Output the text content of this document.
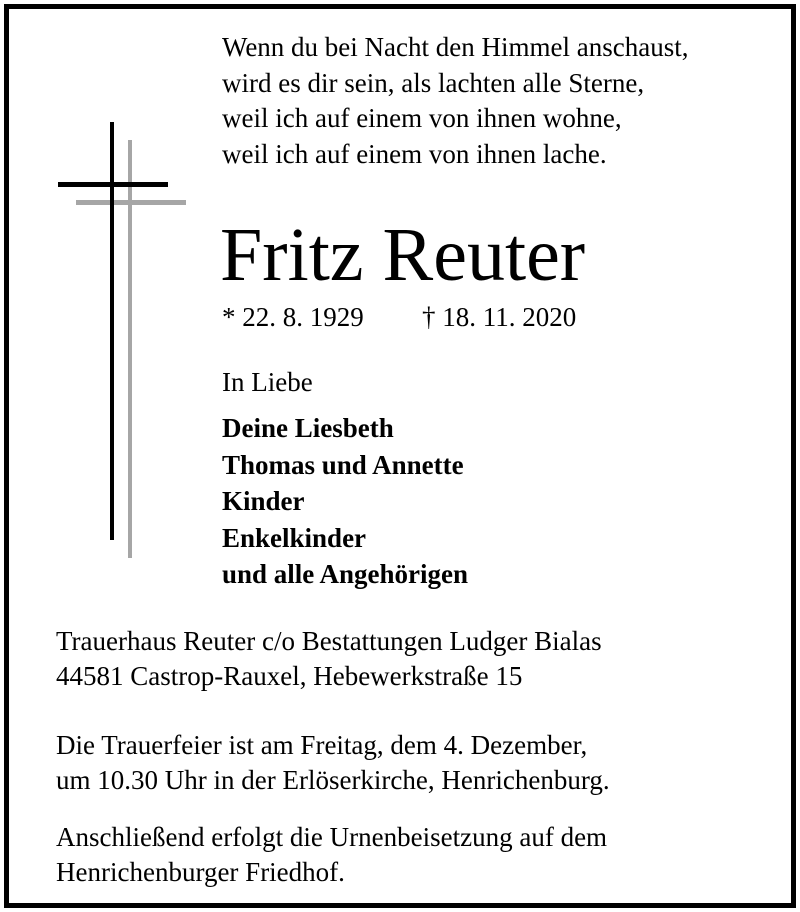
Wenn du bei Nacht den Himmel anschaust,
wird es dir sein, als lachten alle Sterne,
weil ich auf einem von ihnen wohne,
weil ich auf einem von ihnen lache.
Fritz Reuter
* 22. 8. 1929 † 18. 11. 2020
In Liebe
Deine Liesbeth
Thomas und Annette
Kinder
Enkelkinder
und alle Angehörigen
Trauerhaus Reuter c/o Bestattungen Ludger Bialas
44581 Castrop-Rauxel, Hebewerkstraße 15
Die Trauerfeier ist am Freitag, dem 4. Dezember,
um 10.30 Uhr in der Erlöserkirche, Henrichenburg.
Anschließend erfolgt die Urnenbeisetzung auf dem
Henrichenburger Friedhof.
